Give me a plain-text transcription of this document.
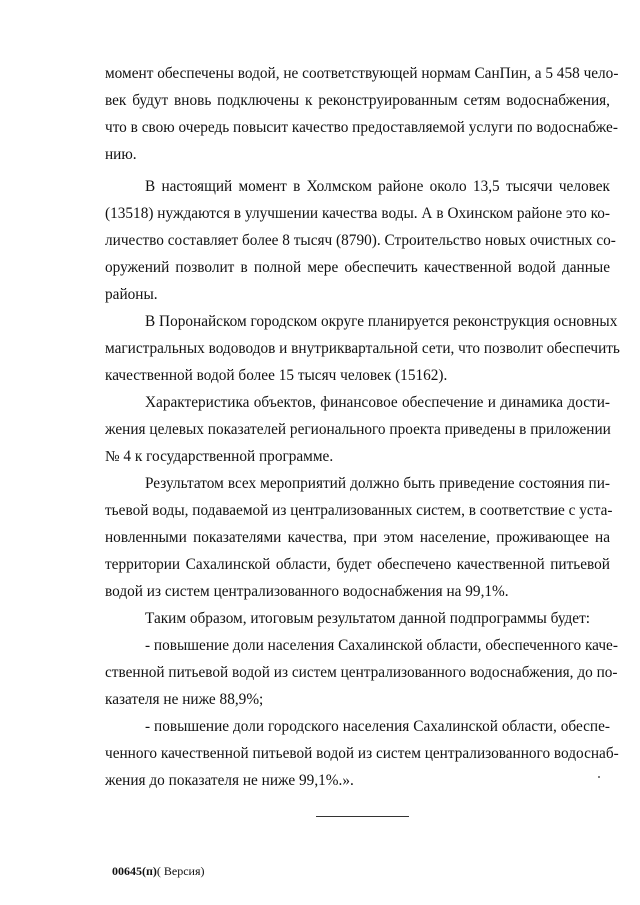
момент обеспечены водой, не соответствующей нормам СанПин, а 5 458 чело-
век будут вновь подключены к реконструированным сетям водоснабжения,
что в свою очередь повысит качество предоставляемой услуги по водоснабже-
нию.

В настоящий момент в Холмском районе около 13,5 тысячи человек
(13518) нуждаются в улучшении качества воды. А в Охинском районе это ко-
личество составляет более 8 тысяч (8790). Строительство новых очистных со-
оружений позволит в полной мере обеспечить качественной водой данные
районы.

В Поронайском городском округе планируется реконструкция основных
магистральных водоводов и внутриквартальной сети, что позволит обеспечить
качественной водой более 15 тысяч человек (15162).

Характеристика объектов, финансовое обеспечение и динамика дости-
жения целевых показателей регионального проекта приведены в приложении
№ 4 к государственной программе.

Результатом всех мероприятий должно быть приведение состояния пи-
тьевой воды, подаваемой из централизованных систем, в соответствие с уста-
новленными показателями качества, при этом население, проживающее на
территории Сахалинской области, будет обеспечено качественной питьевой
водой из систем централизованного водоснабжения на 99,1%.

Таким образом, итоговым результатом данной подпрограммы будет:

- повышение доли населения Сахалинской области, обеспеченного каче-
ственной питьевой водой из систем централизованного водоснабжения, до по-
казателя не ниже 88,9%;

- повышение доли городского населения Сахалинской области, обеспе-
ченного качественной питьевой водой из систем централизованного водоснаб-
жения до показателя не ниже 99,1%.».

00645(п)( Версия)
